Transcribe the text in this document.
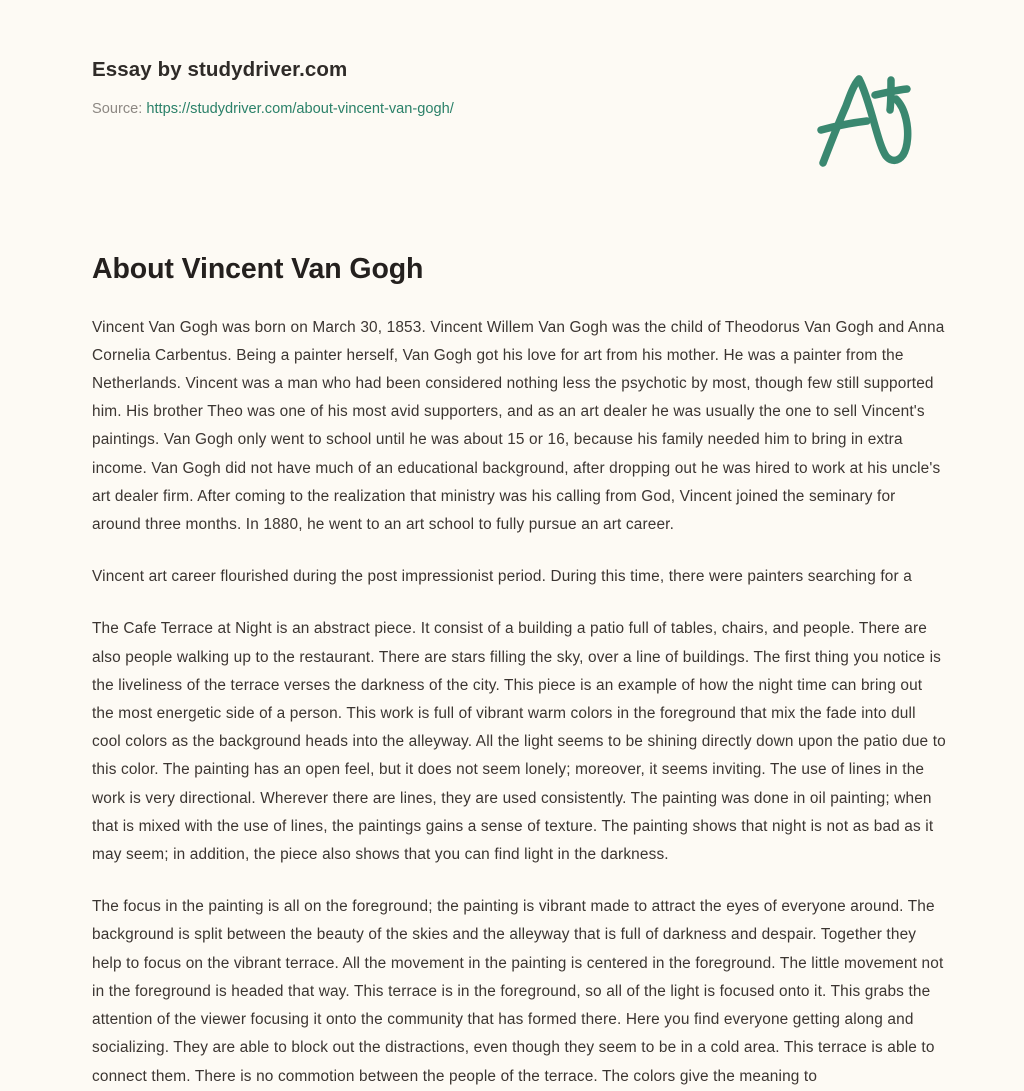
Essay by studydriver.com
Source: https://studydriver.com/about-vincent-van-gogh/
About Vincent Van Gogh

Vincent Van Gogh was born on March 30, 1853. Vincent Willem Van Gogh was the child of Theodorus Van Gogh and Anna Cornelia Carbentus. Being a painter herself, Van Gogh got his love for art from his mother. He was a painter from the Netherlands. Vincent was a man who had been considered nothing less the psychotic by most, though few still supported him. His brother Theo was one of his most avid supporters, and as an art dealer he was usually the one to sell Vincent's paintings. Van Gogh only went to school until he was about 15 or 16, because his family needed him to bring in extra income. Van Gogh did not have much of an educational background, after dropping out he was hired to work at his uncle's art dealer firm. After coming to the realization that ministry was his calling from God, Vincent joined the seminary for around three months. In 1880, he went to an art school to fully pursue an art career.

Vincent art career flourished during the post impressionist period. During this time, there were painters searching for a

The Cafe Terrace at Night is an abstract piece. It consist of a building a patio full of tables, chairs, and people. There are also people walking up to the restaurant. There are stars filling the sky, over a line of buildings. The first thing you notice is the liveliness of the terrace verses the darkness of the city. This piece is an example of how the night time can bring out the most energetic side of a person. This work is full of vibrant warm colors in the foreground that mix the fade into dull cool colors as the background heads into the alleyway. All the light seems to be shining directly down upon the patio due to this color. The painting has an open feel, but it does not seem lonely; moreover, it seems inviting. The use of lines in the work is very directional. Wherever there are lines, they are used consistently. The painting was done in oil painting; when that is mixed with the use of lines, the paintings gains a sense of texture. The painting shows that night is not as bad as it may seem; in addition, the piece also shows that you can find light in the darkness.

The focus in the painting is all on the foreground; the painting is vibrant made to attract the eyes of everyone around. The background is split between the beauty of the skies and the alleyway that is full of darkness and despair. Together they help to focus on the vibrant terrace. All the movement in the painting is centered in the foreground. The little movement not in the foreground is headed that way. This terrace is in the foreground, so all of the light is focused onto it. This grabs the attention of the viewer focusing it onto the community that has formed there. Here you find everyone getting along and socializing. They are able to block out the distractions, even though they seem to be in a cold area. This terrace is able to connect them. There is no commotion between the people of the terrace. The colors give the meaning to
